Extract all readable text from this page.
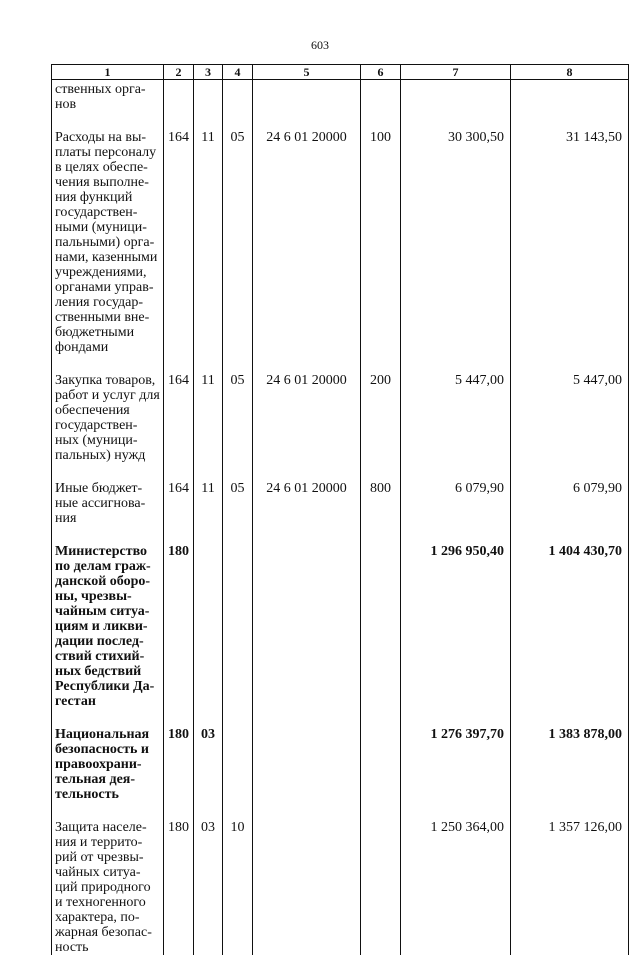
603
1	2	3	4	5	6	7	8
ственных орга- нов							
Расходы на вы- платы персоналу в целях обеспе- чения выполне- ния функций государствен- ными (муници- пальными) орга- нами, казенными учреждениями, органами управ- ления государ- ственными вне- бюджетными фондами	164	11	05	24 6 01 20000	100	30 300,50	31 143,50
Закупка товаров, работ и услуг для обеспечения государствен- ных (муници- пальных) нужд	164	11	05	24 6 01 20000	200	5 447,00	5 447,00
Иные бюджет- ные ассигнова- ния	164	11	05	24 6 01 20000	800	6 079,90	6 079,90
Министерство по делам граж- данской оборо- ны, чрезвы- чайным ситуа- циям и ликви- дации послед- ствий стихий- ных бедствий Республики Да- гестан	180					1 296 950,40	1 404 430,70
Национальная безопасность и правоохрани- тельная дея- тельность	180	03				1 276 397,70	1 383 878,00
Защита населе- ния и террито- рий от чрезвы- чайных ситуа- ций природного и техногенного характера, по- жарная безопас- ность	180	03	10			1 250 364,00	1 357 126,00
